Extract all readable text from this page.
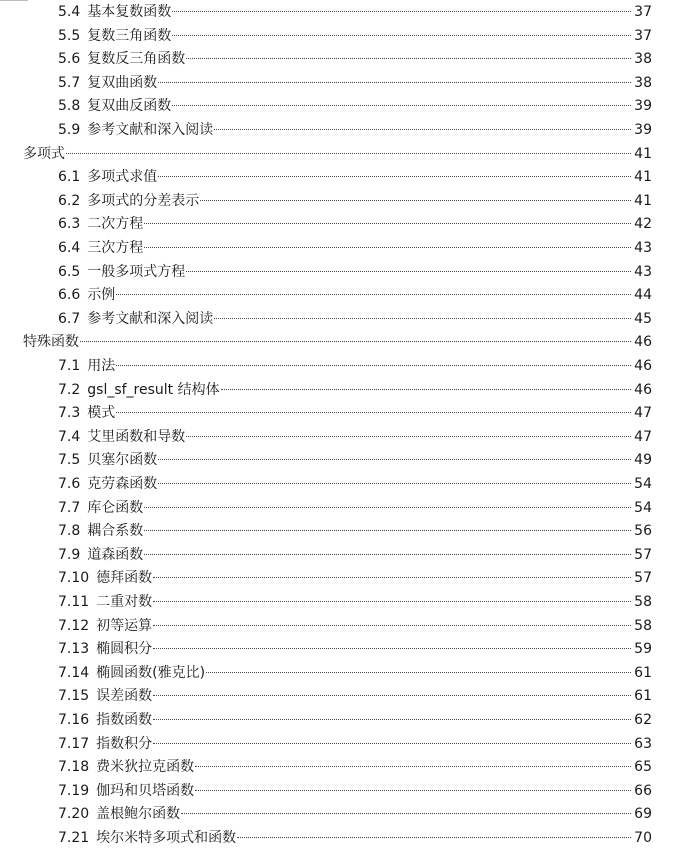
5.4 基本复数函数	37
5.5 复数三角函数	37
5.6 复数反三角函数	38
5.7 复双曲函数	38
5.8 复双曲反函数	39
5.9 参考文献和深入阅读	39
多项式	41
6.1 多项式求值	41
6.2 多项式的分差表示	41
6.3 二次方程	42
6.4 三次方程	43
6.5 一般多项式方程	43
6.6 示例	44
6.7 参考文献和深入阅读	45
特殊函数	46
7.1 用法	46
7.2 gsl_sf_result 结构体	46
7.3 模式	47
7.4 艾里函数和导数	47
7.5 贝塞尔函数	49
7.6 克劳森函数	54
7.7 库仑函数	54
7.8 耦合系数	56
7.9 道森函数	57
7.10 德拜函数	57
7.11 二重对数	58
7.12 初等运算	58
7.13 椭圆积分	59
7.14 椭圆函数(雅克比)	61
7.15 误差函数	61
7.16 指数函数	62
7.17 指数积分	63
7.18 费米狄拉克函数	65
7.19 伽玛和贝塔函数	66
7.20 盖根鲍尔函数	69
7.21 埃尔米特多项式和函数	70
